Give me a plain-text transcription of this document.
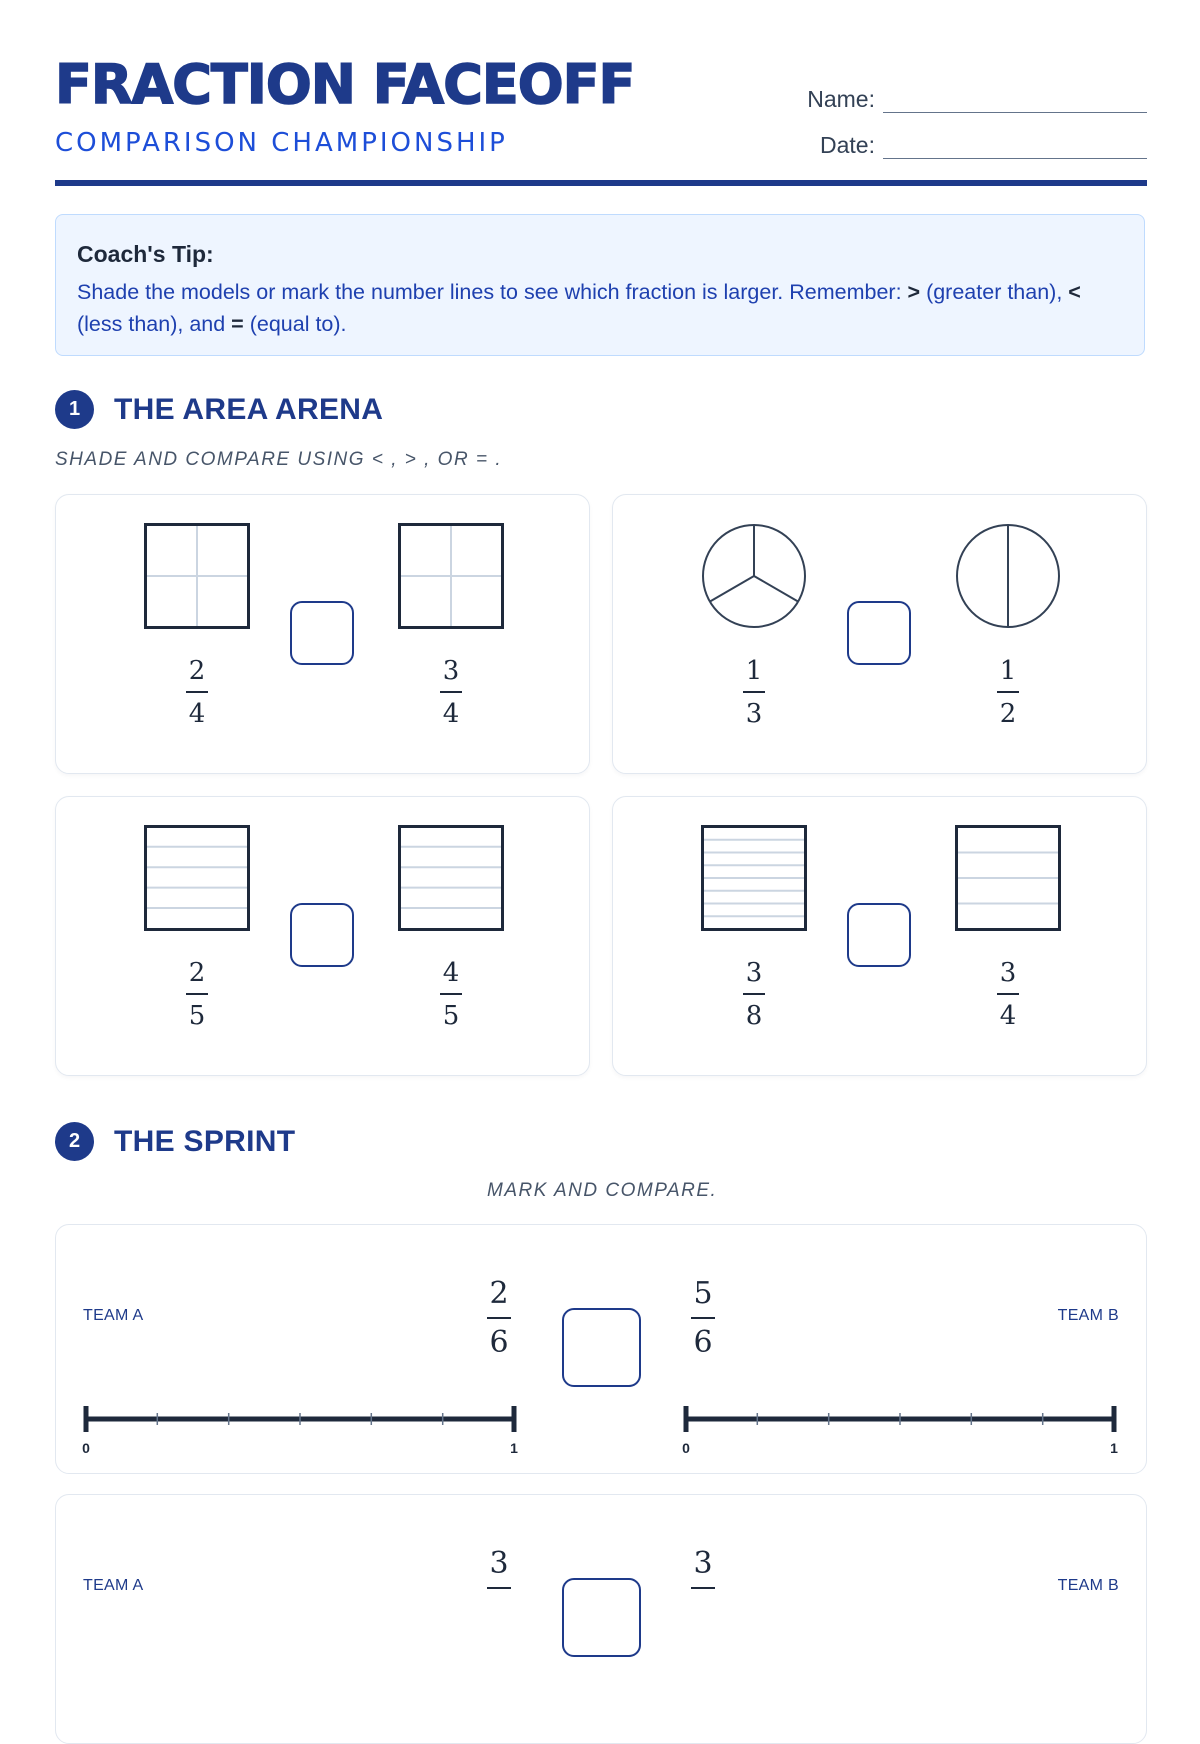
FRACTION FACEOFF
COMPARISON CHAMPIONSHIP
Name:
Date:
Coach's Tip:
Shade the models or mark the number lines to see which fraction is larger. Remember: > (greater than), < (less than), and = (equal to).
1	THE AREA ARENA
SHADE AND COMPARE USING < , > , OR = .
2
4
3
4
1
3
1
2
2
5
4
5
3
8
3
4
2	THE SPRINT
MARK AND COMPARE.
TEAM A	TEAM B
2
6
5
6
0	1	0	1
TEAM A	TEAM B
3	3
